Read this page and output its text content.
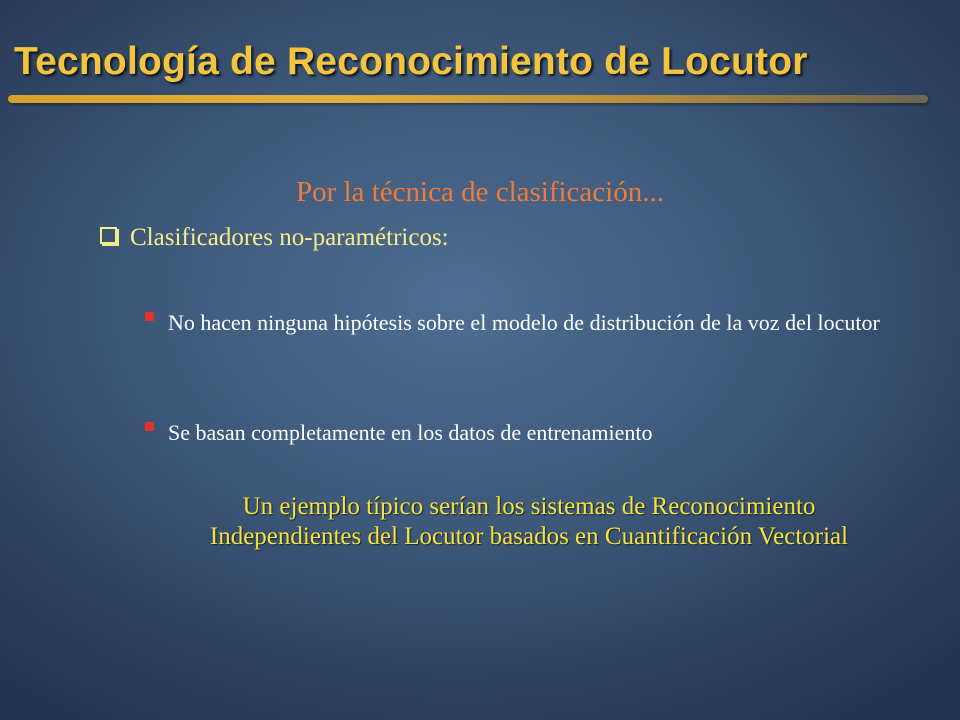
Tecnología de Reconocimiento de Locutor
Por la técnica de clasificación...
Clasificadores no-paramétricos:
No hacen ninguna hipótesis sobre el modelo de distribución de la voz del locutor
Se basan completamente en los datos de entrenamiento
Un ejemplo típico serían los sistemas de Reconocimiento
Independientes del Locutor basados en Cuantificación Vectorial
